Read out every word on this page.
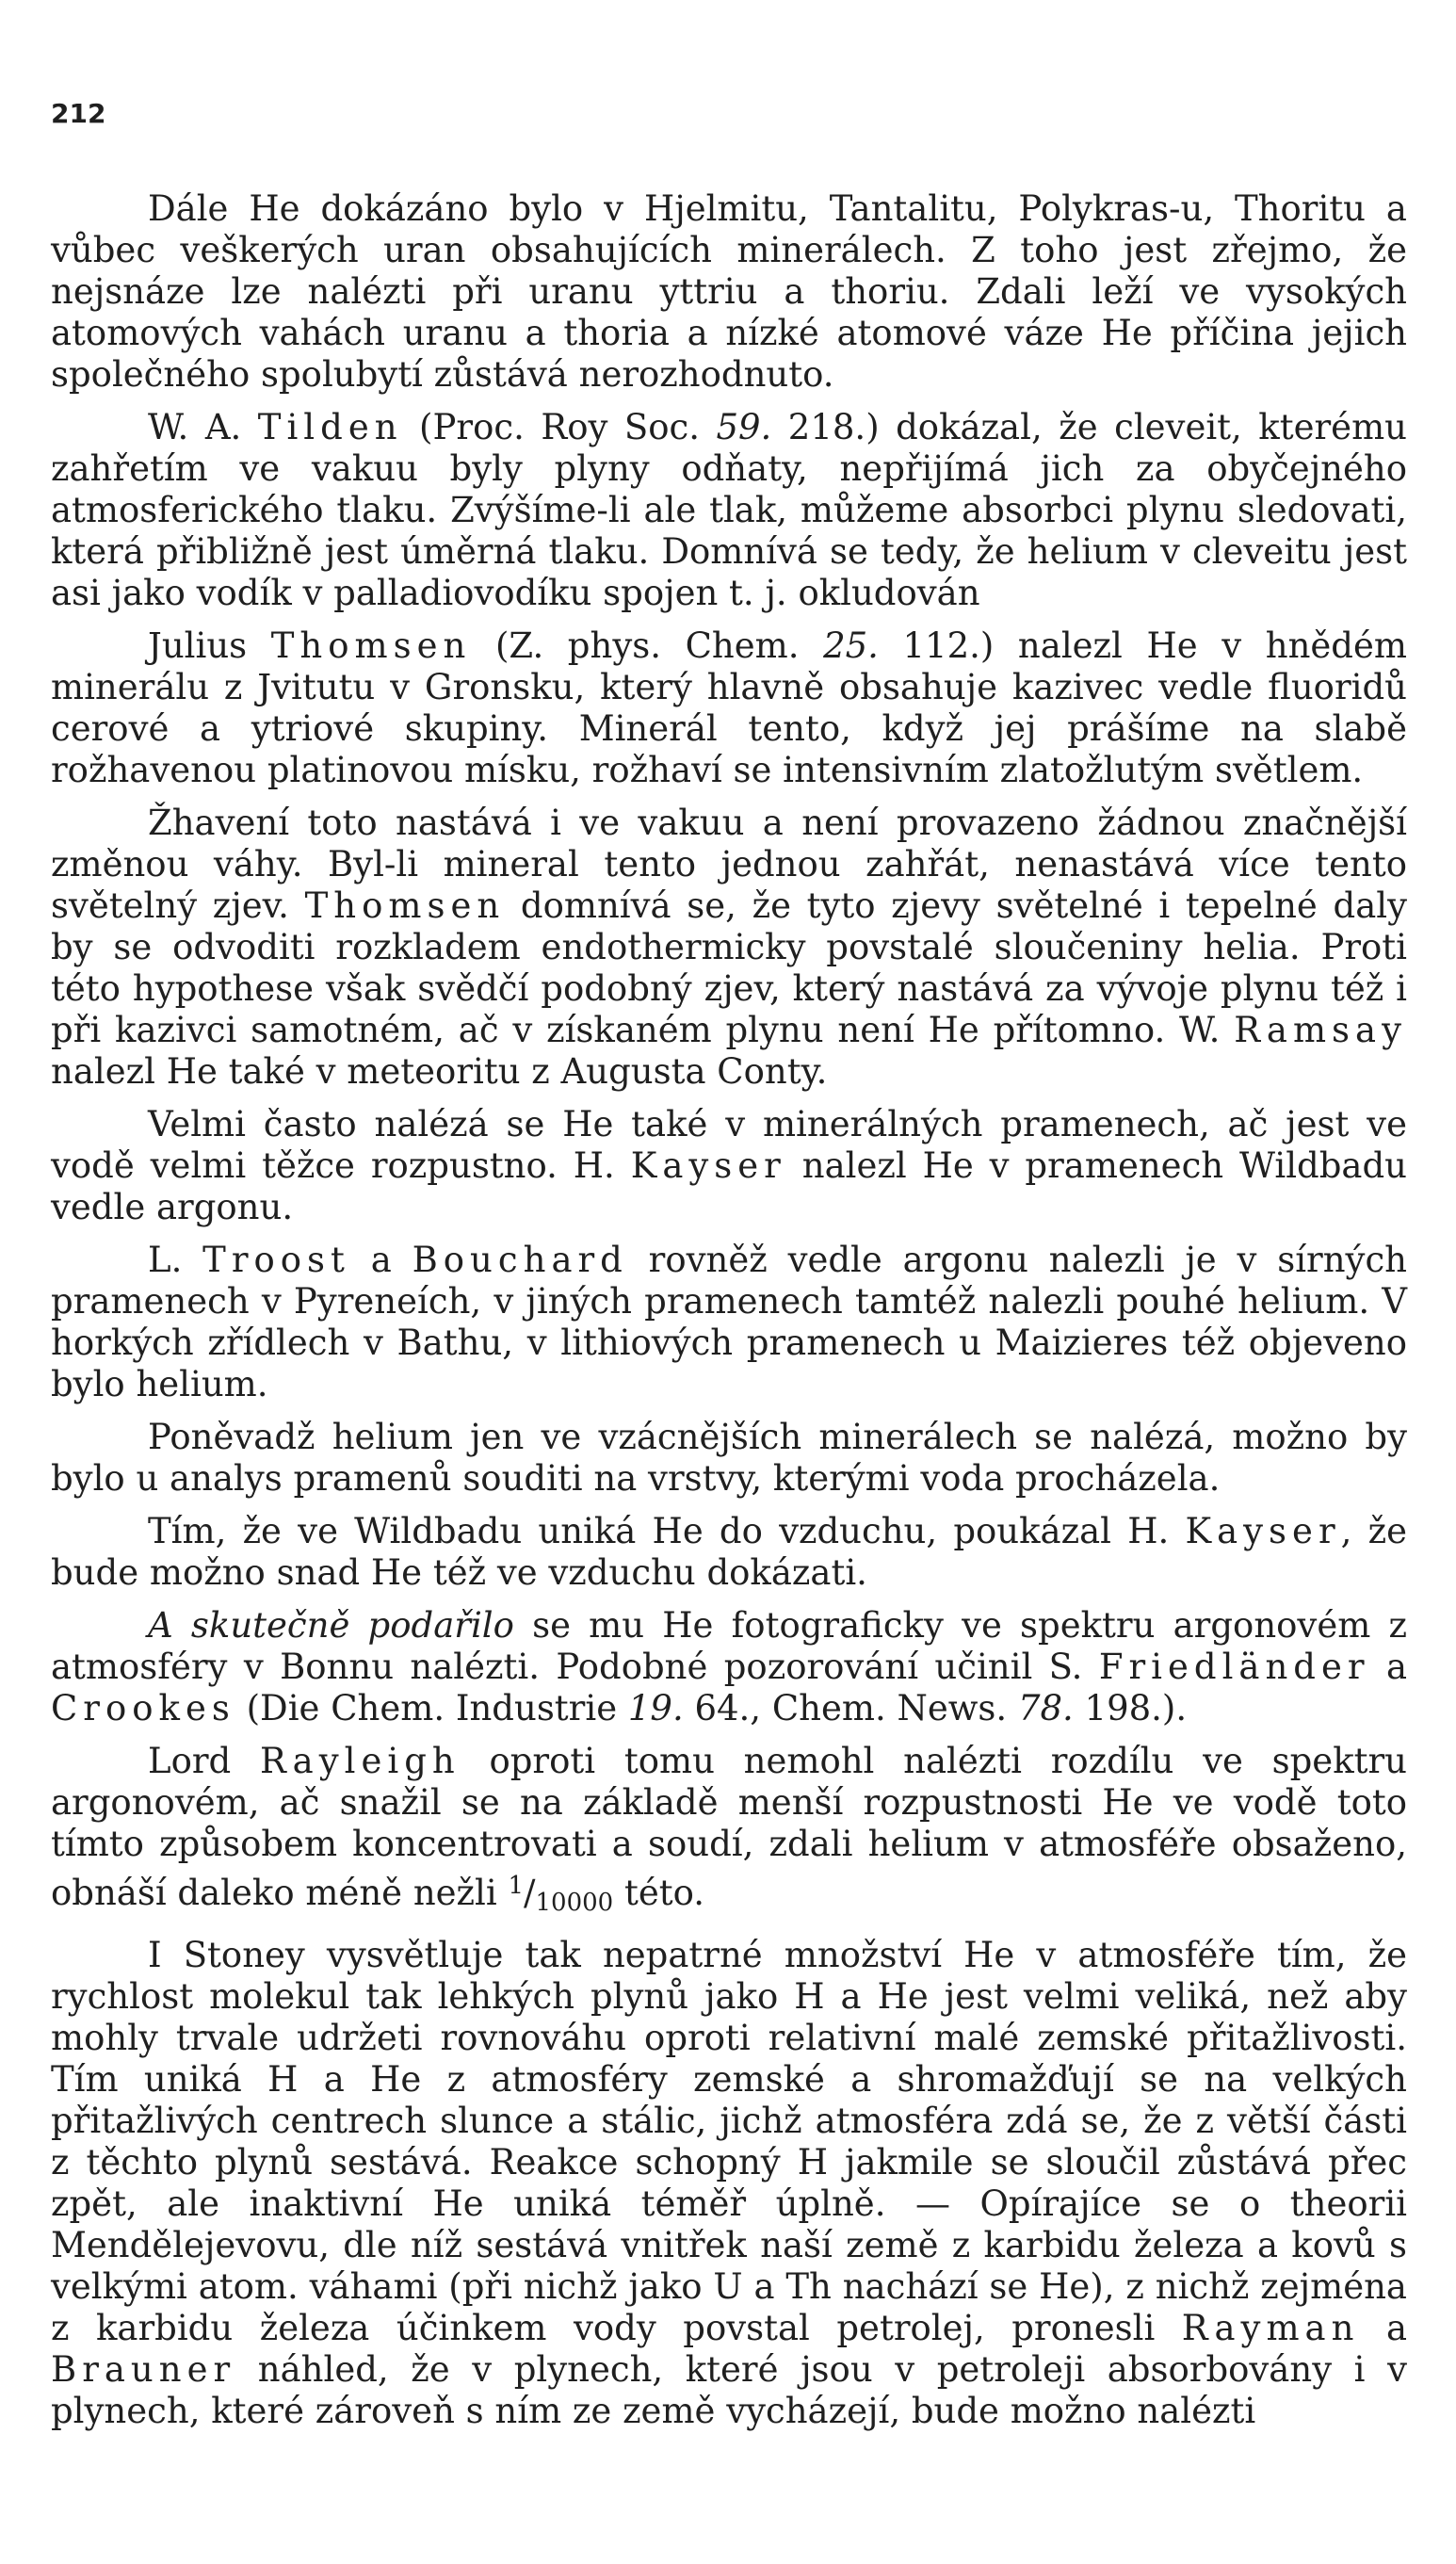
212

Dále He dokázáno bylo v Hjelmitu, Tantalitu, Polykras-u, Thoritu a vůbec veškerých uran obsahujících minerálech. Z toho jest zřejmo, že nejsnáze lze nalézti při uranu yttriu a thoriu. Zdali leží ve vysokých atomových vahách uranu a thoria a nízké atomové váze He příčina jejich společného spolubytí zůstává nerozhodnuto.

W. A. Tilden (Proc. Roy Soc. 59. 218.) dokázal, že cleveit, kterému zahřetím ve vakuu byly plyny odňaty, nepřijímá jich za obyčejného atmosferického tlaku. Zvýšíme-li ale tlak, můžeme absorbci plynu sledovati, která přibližně jest úměrná tlaku. Domnívá se tedy, že helium v cleveitu jest asi jako vodík v palladiovodíku spojen t. j. okludován

Julius Thomsen (Z. phys. Chem. 25. 112.) nalezl He v hnědém minerálu z Jvitutu v Gronsku, který hlavně obsahuje kazivec vedle fluoridů cerové a ytriové skupiny. Minerál tento, když jej prášíme na slabě rožhavenou platinovou mísku, rožhaví se intensivním zlatožlutým světlem.

Žhavení toto nastává i ve vakuu a není provazeno žádnou značnější změnou váhy. Byl-li mineral tento jednou zahřát, nenastává více tento světelný zjev. Thomsen domnívá se, že tyto zjevy světelné i tepelné daly by se odvoditi rozkladem endothermicky povstalé sloučeniny helia. Proti této hypothese však svědčí podobný zjev, který nastává za vývoje plynu též i při kazivci samotném, ač v získaném plynu není He přítomno. W. Ramsay nalezl He také v meteoritu z Augusta Conty.

Velmi často nalézá se He také v minerálných pramenech, ač jest ve vodě velmi těžce rozpustno. H. Kayser nalezl He v pramenech Wildbadu vedle argonu.

L. Troost a Bouchard rovněž vedle argonu nalezli je v sírných pramenech v Pyreneích, v jiných pramenech tamtéž nalezli pouhé helium. V horkých zřídlech v Bathu, v lithiových pramenech u Maizieres též objeveno bylo helium.

Poněvadž helium jen ve vzácnějších minerálech se nalézá, možno by bylo u analys pramenů souditi na vrstvy, kterými voda procházela.

Tím, že ve Wildbadu uniká He do vzduchu, poukázal H. Kayser, že bude možno snad He též ve vzduchu dokázati.

A skutečně podařilo se mu He fotograficky ve spektru argonovém z atmosféry v Bonnu nalézti. Podobné pozorování učinil S. Friedländer a Crookes (Die Chem. Industrie 19. 64., Chem. News. 78. 198.).

Lord Rayleigh oproti tomu nemohl nalézti rozdílu ve spektru argonovém, ač snažil se na základě menší rozpustnosti He ve vodě toto tímto způsobem koncentrovati a soudí, zdali helium v atmosféře obsaženo, obnáší daleko méně nežli $^1/_{10000}$ této.

I Stoney vysvětluje tak nepatrné množství He v atmosféře tím, že rychlost molekul tak lehkých plynů jako H a He jest velmi veliká, než aby mohly trvale udržeti rovnováhu oproti relativní malé zemské přitažlivosti. Tím uniká H a He z atmosféry zemské a shromažďují se na velkých přitažlivých centrech slunce a stálic, jichž atmosféra zdá se, že z větší části z těchto plynů sestává. Reakce schopný H jakmile se sloučil zůstává přec zpět, ale inaktivní He uniká téměř úplně. — Opírajíce se o theorii Mendělejevovu, dle níž sestává vnitřek naší země z karbidu železa a kovů s velkými atom. váhami (při nichž jako U a Th nachází se He), z nichž zejména z karbidu železa účinkem vody povstal petrolej, pronesli Rayman a Brauner náhled, že v plynech, které jsou v petroleji absorbovány i v plynech, které zároveň s ním ze země vycházejí, bude možno nalézti
